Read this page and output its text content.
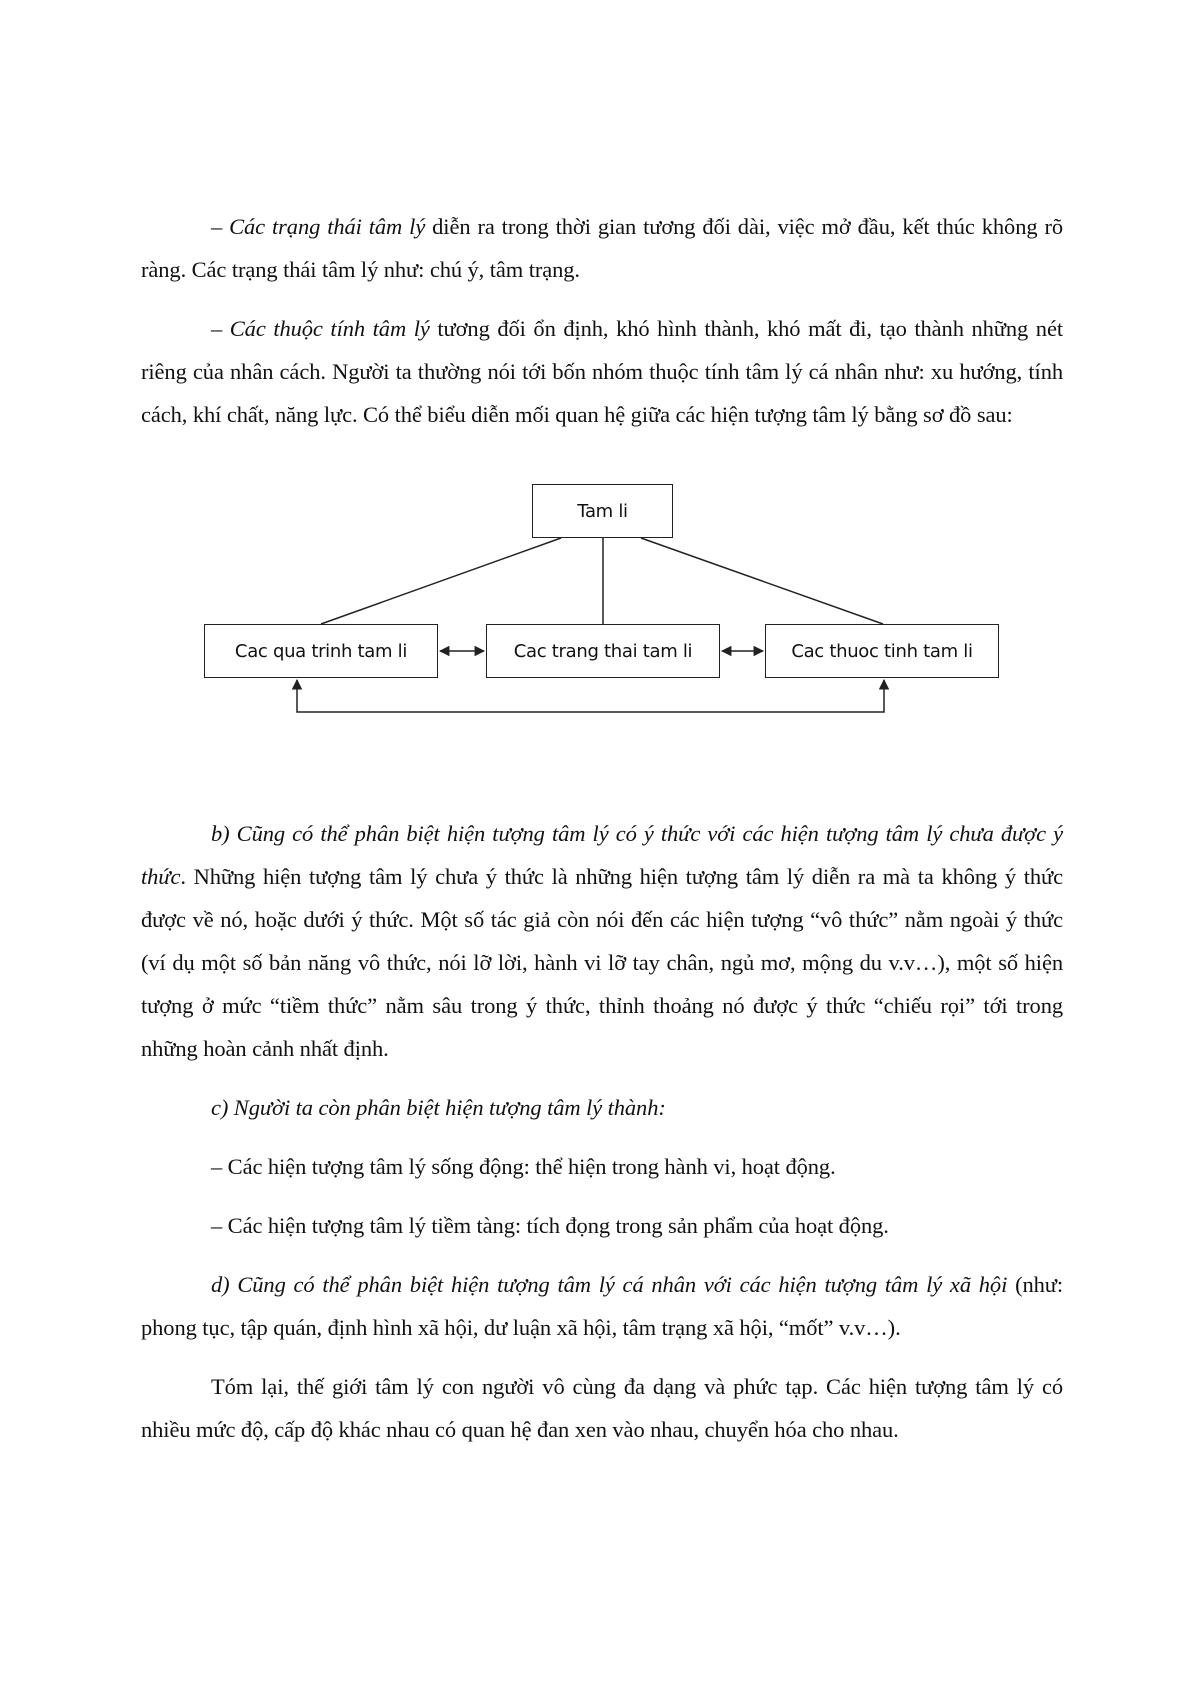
– Các trạng thái tâm lý diễn ra trong thời gian tương đối dài, việc mở đầu, kết thúc không rõ ràng. Các trạng thái tâm lý như: chú ý, tâm trạng.

– Các thuộc tính tâm lý tương đối ổn định, khó hình thành, khó mất đi, tạo thành những nét riêng của nhân cách. Người ta thường nói tới bốn nhóm thuộc tính tâm lý cá nhân như: xu hướng, tính cách, khí chất, năng lực. Có thể biểu diễn mối quan hệ giữa các hiện tượng tâm lý bằng sơ đồ sau:

Tam li
Cac qua trinh tam li	Cac trang thai tam li	Cac thuoc tinh tam li

b) Cũng có thể phân biệt hiện tượng tâm lý có ý thức với các hiện tượng tâm lý chưa được ý thức. Những hiện tượng tâm lý chưa ý thức là những hiện tượng tâm lý diễn ra mà ta không ý thức được về nó, hoặc dưới ý thức. Một số tác giả còn nói đến các hiện tượng “vô thức” nằm ngoài ý thức (ví dụ một số bản năng vô thức, nói lỡ lời, hành vi lỡ tay chân, ngủ mơ, mộng du v.v…), một số hiện tượng ở mức “tiềm thức” nằm sâu trong ý thức, thỉnh thoảng nó được ý thức “chiếu rọi” tới trong những hoàn cảnh nhất định.

c) Người ta còn phân biệt hiện tượng tâm lý thành:

– Các hiện tượng tâm lý sống động: thể hiện trong hành vi, hoạt động.

– Các hiện tượng tâm lý tiềm tàng: tích đọng trong sản phẩm của hoạt động.

d) Cũng có thể phân biệt hiện tượng tâm lý cá nhân với các hiện tượng tâm lý xã hội (như: phong tục, tập quán, định hình xã hội, dư luận xã hội, tâm trạng xã hội, “mốt” v.v…).

Tóm lại, thế giới tâm lý con người vô cùng đa dạng và phức tạp. Các hiện tượng tâm lý có nhiều mức độ, cấp độ khác nhau có quan hệ đan xen vào nhau, chuyển hóa cho nhau.
